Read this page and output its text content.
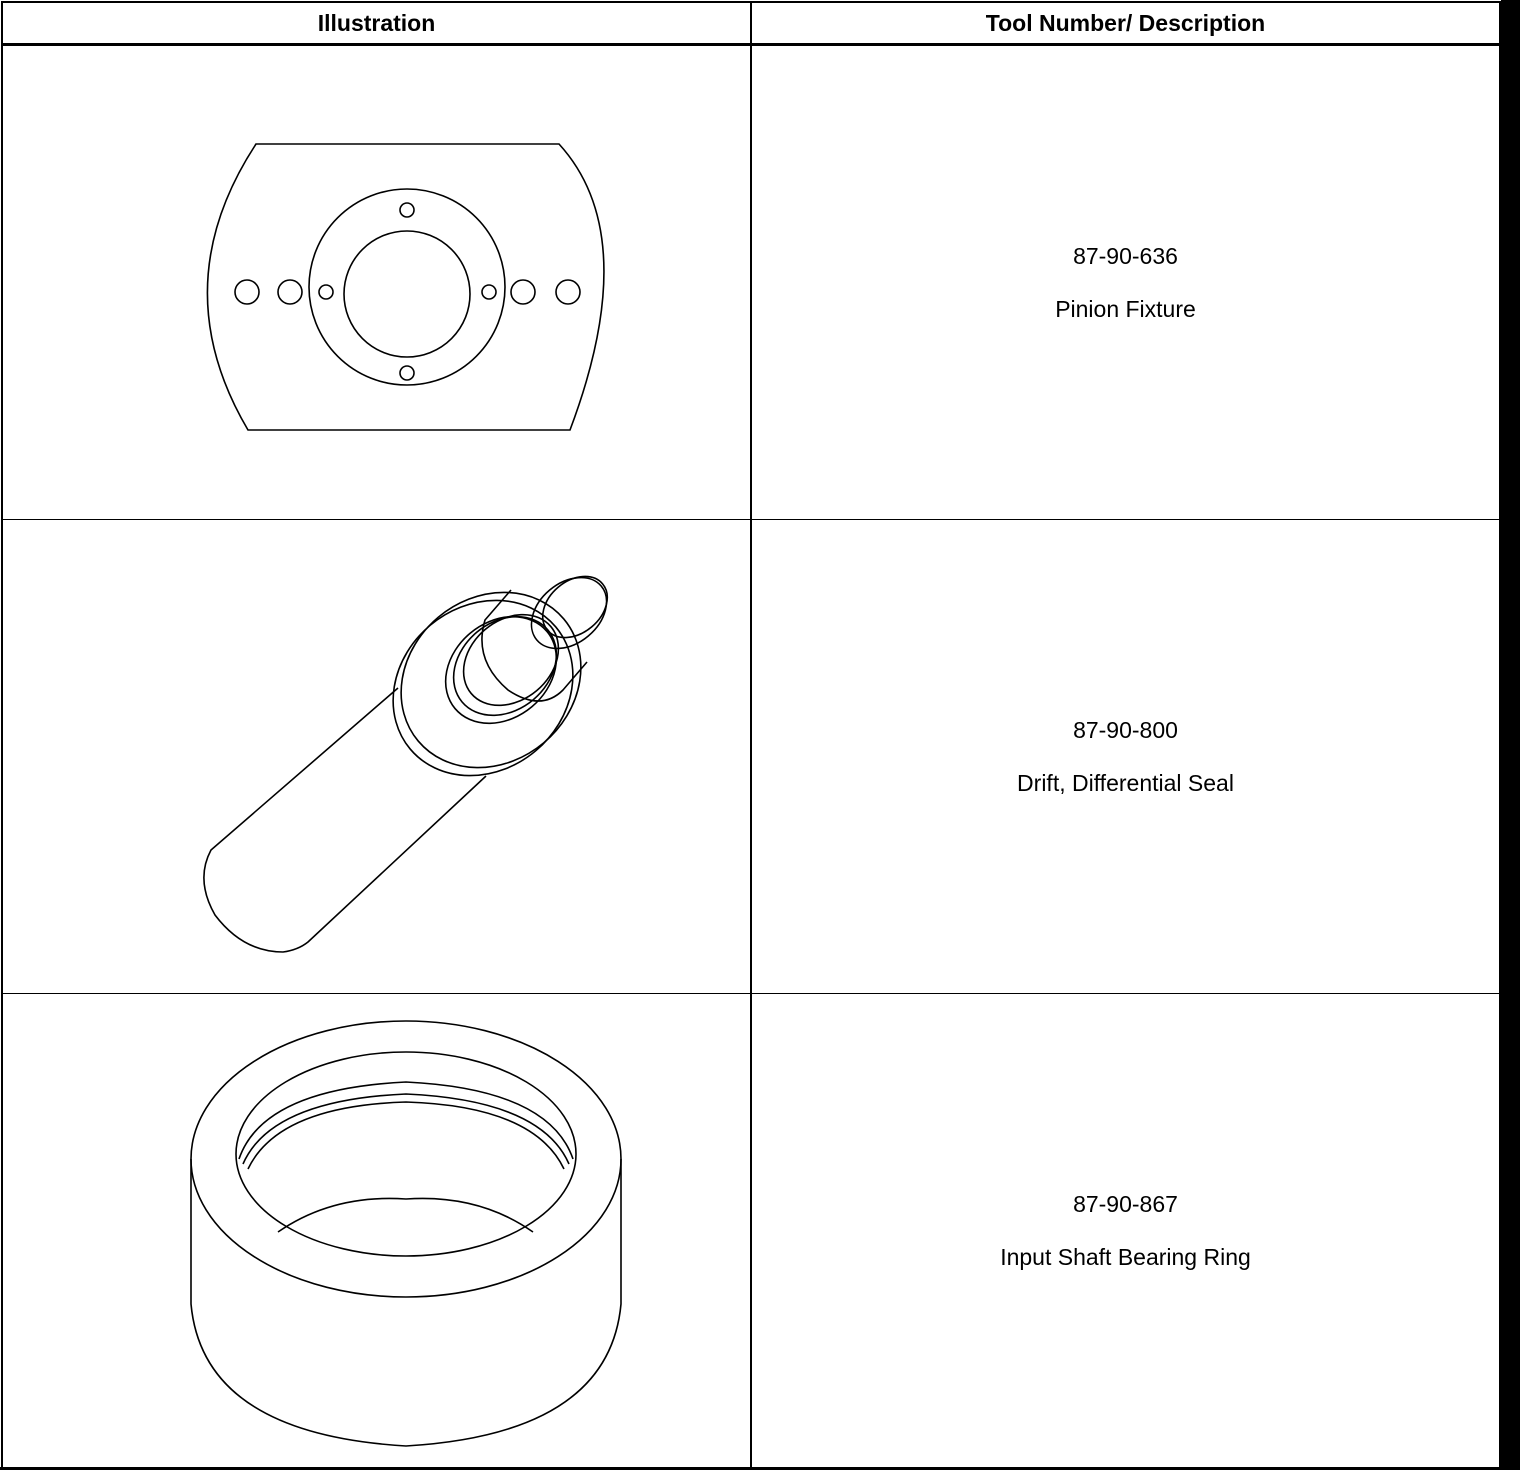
Illustration	Tool Number/ Description

87-90-636
Pinion Fixture

87-90-800
Drift, Differential Seal

87-90-867
Input Shaft Bearing Ring
